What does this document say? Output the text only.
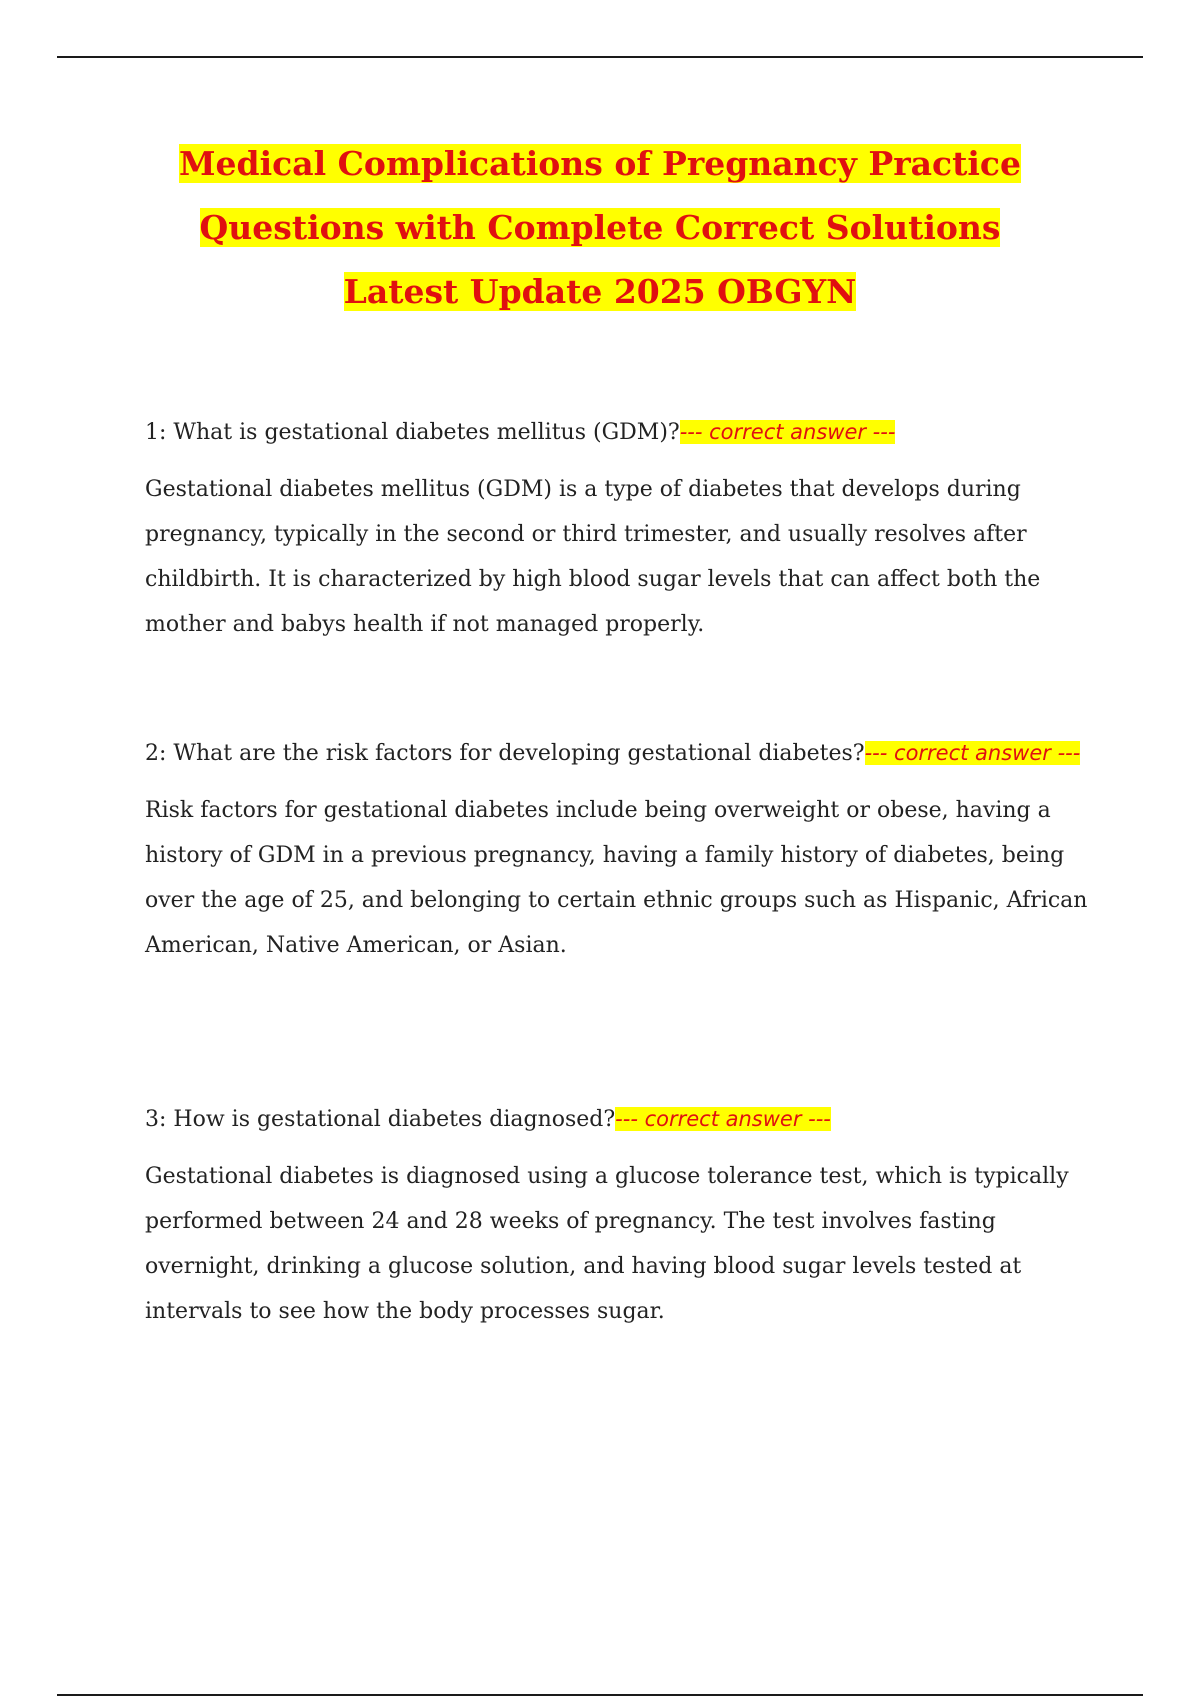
Medical Complications of Pregnancy Practice Questions with Complete Correct Solutions Latest Update 2025 OBGYN

1: What is gestational diabetes mellitus (GDM)?--- correct answer ---

Gestational diabetes mellitus (GDM) is a type of diabetes that develops during pregnancy, typically in the second or third trimester, and usually resolves after childbirth. It is characterized by high blood sugar levels that can affect both the mother and babys health if not managed properly.

2: What are the risk factors for developing gestational diabetes?--- correct answer ---

Risk factors for gestational diabetes include being overweight or obese, having a history of GDM in a previous pregnancy, having a family history of diabetes, being over the age of 25, and belonging to certain ethnic groups such as Hispanic, African American, Native American, or Asian.

3: How is gestational diabetes diagnosed?--- correct answer ---

Gestational diabetes is diagnosed using a glucose tolerance test, which is typically performed between 24 and 28 weeks of pregnancy. The test involves fasting overnight, drinking a glucose solution, and having blood sugar levels tested at intervals to see how the body processes sugar.
